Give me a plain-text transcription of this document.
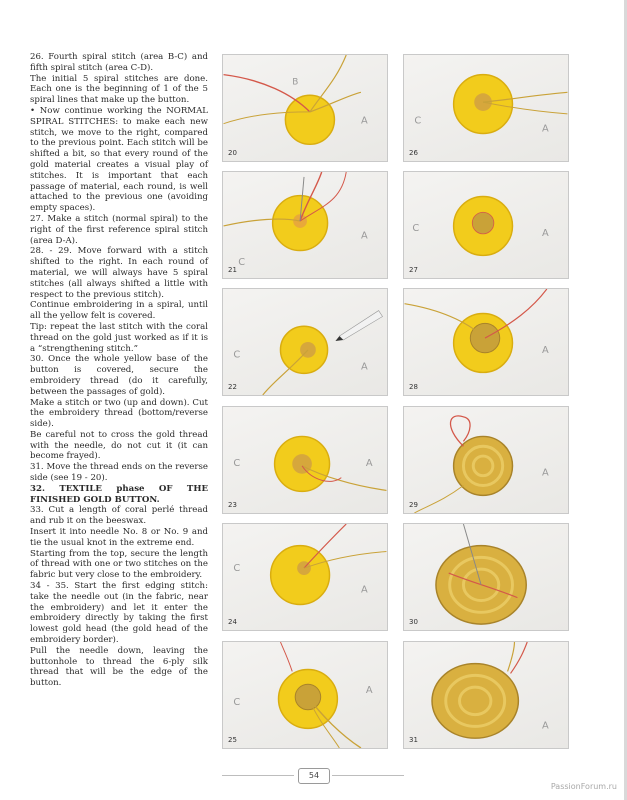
26. Fourth spiral stitch (area B-C) and fifth spiral stitch (area C-D).

The initial 5 spiral stitches are done. Each one is the beginning of 1 of the 5 spiral lines that make up the button.

• Now continue working the NORMAL SPIRAL STITCHES: to make each new stitch, we move to the right, compared to the previous point. Each stitch will be shifted a bit, so that every round of the gold material creates a visual play of stitches. It is important that each passage of material, each round, is well attached to the previous one (avoiding empty spaces).

27. Make a stitch (normal spiral) to the right of the first reference spiral stitch (area D-A).

28. - 29. Move forward with a stitch shifted to the right. In each round of material, we will always have 5 spiral stitches (all always shifted a little with respect to the previous stitch).

Continue embroidering in a spiral, until all the yellow felt is covered.

Tip: repeat the last stitch with the coral thread on the gold just worked as if it is a “strengthening stitch.”

30. Once the whole yellow base of the button is covered, secure the embroidery thread (do it carefully, between the passages of gold).

Make a stitch or two (up and down). Cut the embroidery thread (bottom/reverse side).

Be careful not to cross the gold thread with the needle, do not cut it (it can become frayed).

31. Move the thread ends on the reverse side (see 19 - 20).

32. TEXTILE phase OF THE FINISHED GOLD BUTTON.

33. Cut a length of coral perlé thread and rub it on the beeswax.

Insert it into needle No. 8 or No. 9 and tie the usual knot in the extreme end.

Starting from the top, secure the length of thread with one or two stitches on the fabric but very close to the embroidery.

34 - 35. Start the first edging stitch: take the needle out (in the fabric, near the embroidery) and let it enter the embroidery directly by taking the first lowest gold head (the gold head of the embroidery border).

Pull the needle down, leaving the buttonhole to thread the 6-ply silk thread that will be the edge of the button.

B
A
20
A
C
21
A
C
22
C	A
23
C
A
24
C
A
25
C
A
26
C	A
27
A
28
A
29
30
A
31
54
PassionForum.ru
